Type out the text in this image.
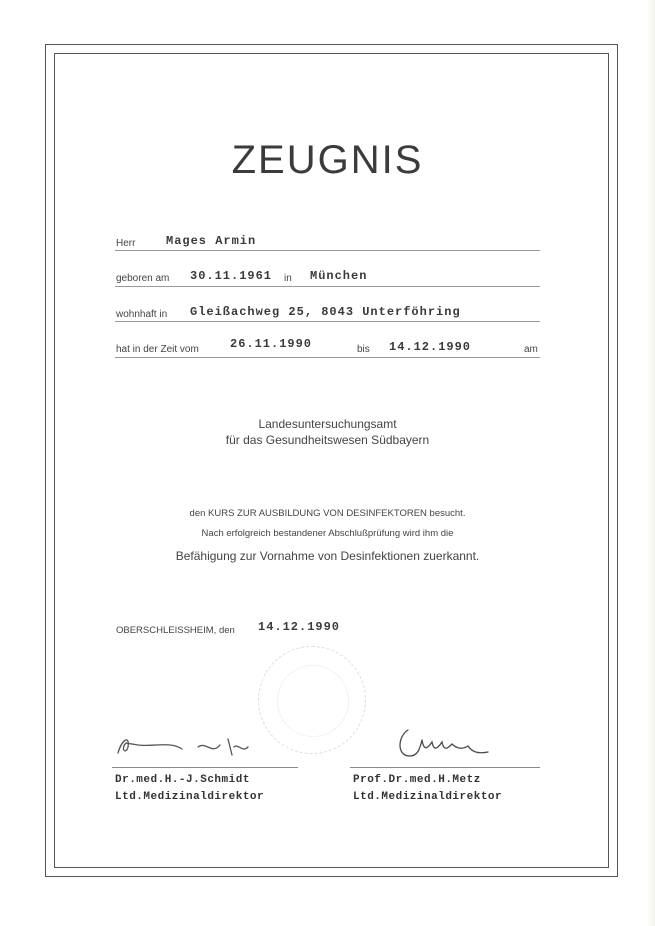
ZEUGNIS
Herr	Mages Armin
geboren am 30.11.1961 in München
wohnhaft in Gleißachweg 25, 8043 Unterföhring
hat in der Zeit vom	26.11.1990	bis 14.12.1990	am
Landesuntersuchungsamt
für das Gesundheitswesen Südbayern
den KURS ZUR AUSBILDUNG VON DESINFEKTOREN besucht.
Nach erfolgreich bestandener Abschlußprüfung wird ihm die
Befähigung zur Vornahme von Desinfektionen zuerkannt.
OBERSCHLEISSHEIM, den 14.12.1990
Dr.med.H.-J.Schmidt
Ltd.Medizinaldirektor
Prof.Dr.med.H.Metz
Ltd.Medizinaldirektor
